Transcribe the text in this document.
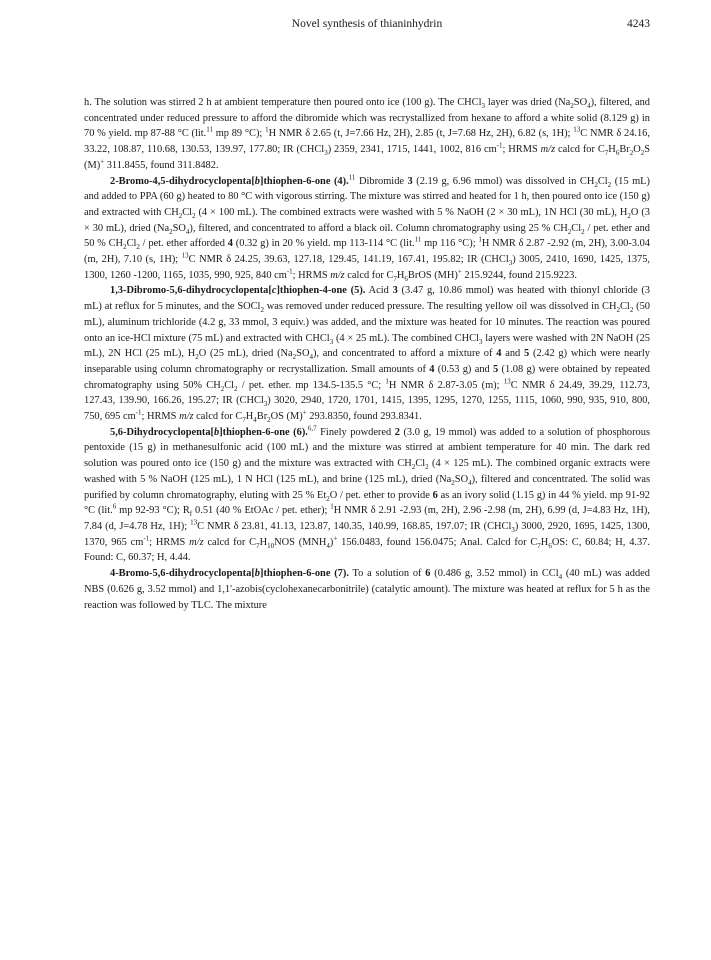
Novel synthesis of thianinhydrin	4243

h. The solution was stirred 2 h at ambient temperature then poured onto ice (100 g). The CHCl$_3$ layer was dried $(Na_2SO_4)$, filtered, and concentrated under reduced pressure to afford the dibromide which was recrystallized from hexane to afford a white solid (8.129 g) in 70 % yield. mp 87-88 °C (lit.$^{11}$ mp 89 °C); $^1$H NMR δ 2.65 (t, J=7.66 Hz, 2H), 2.85 (t, J=7.68 Hz, 2H), 6.82 (s, 1H); $^{13}$C NMR δ 24.16, 33.22, 108.87, 110.68, 130.53, 139.97, 177.80; IR (CHCl$_3$) 2359, 2341, 1715, 1441, 1002, 816 $cm^{-1}$; HRMS m/z calcd for $C_7H_6Br_2O_2S$ (M)+ 311.8455, found 311.8482.

2-Bromo-4,5-dihydrocyclopenta[b]thiophen-6-one (4).$^{11}$ Dibromide 3 (2.19 g, 6.96 mmol) was dissolved in $CH_2Cl_2$ (15 mL) and added to PPA (60 g) heated to 80 °C with vigorous stirring. The mixture was stirred and heated for 1 h, then poured onto ice (150 g) and extracted with $CH_2Cl_2$ (4 × 100 mL). The combined extracts were washed with 5 % NaOH (2 × 30 mL), 1N HCl (30 mL), $H_2O$ (3 × 30 mL), dried $(Na_2SO_4)$, filtered, and concentrated to afford a black oil. Column chromatography using 25 % $CH_2Cl_2$ / pet. ether and 50 % $CH_2Cl_2$ / pet. ether afforded 4 (0.32 g) in 20 % yield. mp 113-114 °C (lit.$^{11}$ mp 116 °C); $^1$H NMR δ 2.87 -2.92 (m, 2H), 3.00-3.04 (m, 2H), 7.10 (s, 1H); $^{13}$C NMR δ 24.25, 39.63, 127.18, 129.45, 141.19, 167.41, 195.82; IR (CHCl$_3$) 3005, 2410, 1690, 1425, 1375, 1300, 1260 -1200, 1165, 1035, 990, 925, 840 $cm^{-1}$; HRMS m/z calcd for $C_7H_6BrOS$ (MH)+ 215.9244, found 215.9223.

1,3-Dibromo-5,6-dihydrocyclopenta[c]thiophen-4-one (5). Acid 3 (3.47 g, 10.86 mmol) was heated with thionyl chloride (3 mL) at reflux for 5 minutes, and the SOCl$_2$ was removed under reduced pressure. The resulting yellow oil was dissolved in $CH_2Cl_2$ (50 mL), aluminum trichloride (4.2 g, 33 mmol, 3 equiv.) was added, and the mixture was heated for 10 minutes. The reaction was poured onto an ice-HCl mixture (75 mL) and extracted with CHCl$_3$ (4 × 25 mL). The combined CHCl$_3$ layers were washed with 2N NaOH (25 mL), 2N HCl (25 mL), $H_2O$ (25 mL), dried $(Na_2SO_4)$, and concentrated to afford a mixture of 4 and 5 (2.42 g) which were nearly inseparable using column chromatography or recrystallization. Small amounts of 4 (0.53 g) and 5 (1.08 g) were obtained by repeated chromatography using 50% $CH_2Cl_2$ / pet. ether. mp 134.5-135.5 °C; $^1$H NMR δ 2.87-3.05 (m); $^{13}$C NMR δ 24.49, 39.29, 112.73, 127.43, 139.90, 166.26, 195.27; IR (CHCl$_3$) 3020, 2940, 1720, 1701, 1415, 1395, 1295, 1270, 1255, 1115, 1060, 990, 935, 910, 800, 750, 695 $cm^{-1}$; HRMS m/z calcd for $C_7H_4Br_2OS$ (M)+ 293.8350, found 293.8341.

5,6-Dihydrocyclopenta[b]thiophen-6-one (6).$^{6,7}$ Finely powdered 2 (3.0 g, 19 mmol) was added to a solution of phosphorous pentoxide (15 g) in methanesulfonic acid (100 mL) and the mixture was stirred at ambient temperature for 40 min. The dark red solution was poured onto ice (150 g) and the mixture was extracted with $CH_2Cl_2$ (4 × 125 mL). The combined organic extracts were washed with 5 % NaOH (125 mL), 1 N HCl (125 mL), and brine (125 mL), dried $(Na_2SO_4)$, filtered and concentrated. The solid was purified by column chromatography, eluting with 25 % $Et_2O$ / pet. ether to provide 6 as an ivory solid (1.15 g) in 44 % yield. mp 91-92 °C (lit.$^6$ mp 92-93 °C); $R_f$ 0.51 (40 % EtOAc / pet. ether); $^1$H NMR δ 2.91 -2.93 (m, 2H), 2.96 -2.98 (m, 2H), 6.99 (d, J=4.83 Hz, 1H), 7.84 (d, J=4.78 Hz, 1H); $^{13}$C NMR δ 23.81, 41.13, 123.87, 140.35, 140.99, 168.85, 197.07; IR (CHCl$_3$) 3000, 2920, 1695, 1425, 1300, 1370, 965 $cm^{-1}$; HRMS m/z calcd for $C_7H_{10}NOS$ $(MNH_4)^+$ 156.0483, found 156.0475; Anal. Calcd for $C_7H_6OS$: C, 60.84; H, 4.37. Found: C, 60.37; H, 4.44.

4-Bromo-5,6-dihydrocyclopenta[b]thiophen-6-one (7). To a solution of 6 (0.486 g, 3.52 mmol) in CCl$_4$ (40 mL) was added NBS (0.626 g, 3.52 mmol) and 1,1'-azobis(cyclohexanecarbonitrile) (catalytic amount). The mixture was heated at reflux for 5 h as the reaction was followed by TLC. The mixture
